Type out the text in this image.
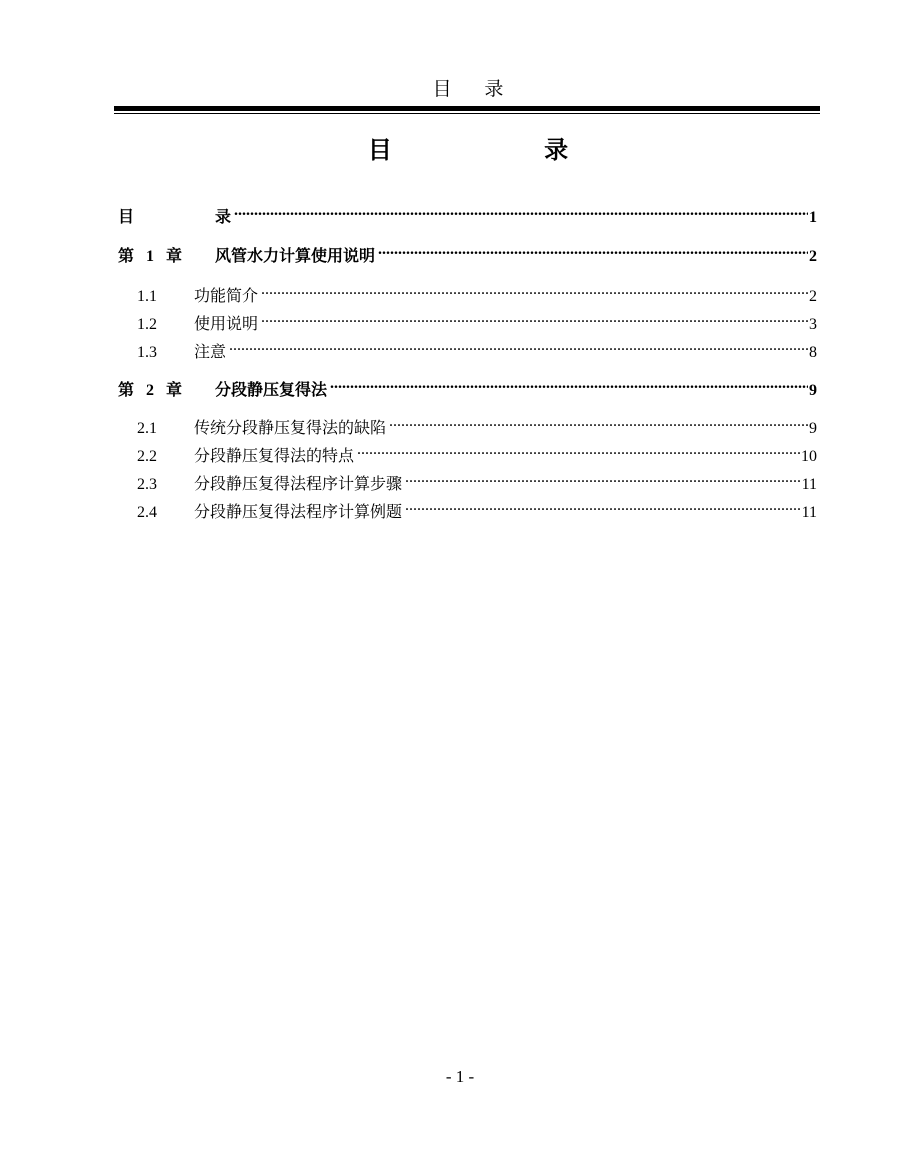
目 录
目 录
目	录 .....	1
第 1 章	风管水力计算使用说明 .....	2
1.1	功能简介 .....	2
1.2	使用说明 .....	3
1.3	注意 .....	8
第 2 章	分段静压复得法 .....	9
2.1	传统分段静压复得法的缺陷 .....	9
2.2	分段静压复得法的特点 .....	10
2.3	分段静压复得法程序计算步骤 .....	11
2.4	分段静压复得法程序计算例题 .....	11
- 1 -
